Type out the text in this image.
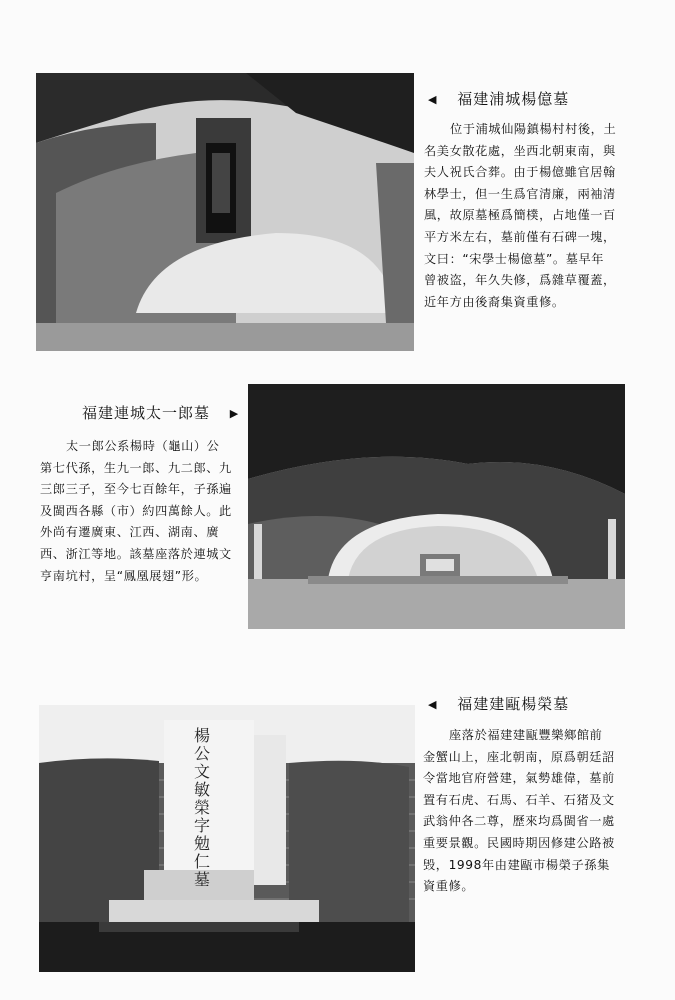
◀ 福建浦城楊億墓
位于浦城仙陽鎮楊村村後，土
名美女散花處，坐西北朝東南，與
夫人祝氏合葬。由于楊億雖官居翰
林學士，但一生爲官清廉，兩袖清
風，故原墓極爲簡樸，占地僅一百
平方米左右，墓前僅有石碑一塊，
文曰：“宋學士楊億墓”。墓早年
曾被盗，年久失修，爲雜草覆蓋，
近年方由後裔集資重修。
福建連城太一郎墓 ▶
太一郎公系楊時（龜山）公
第七代孫，生九一郎、九二郎、九
三郎三子，至今七百餘年，子孫遍
及閩西各縣（市）約四萬餘人。此
外尚有遷廣東、江西、湖南、廣
西、浙江等地。該墓座落於連城文
亨南坑村，呈“鳳凰展翅”形。
楊公文敏榮字勉仁墓
◀ 福建建甌楊榮墓
座落於福建建甌豐樂鄉館前
金蟹山上，座北朝南，原爲朝廷詔
令當地官府營建，氣勢雄偉，墓前
置有石虎、石馬、石羊、石猪及文
武翁仲各二尊，歷來均爲閩省一處
重要景觀。民國時期因修建公路被
毁，1998年由建甌市楊榮子孫集
資重修。
